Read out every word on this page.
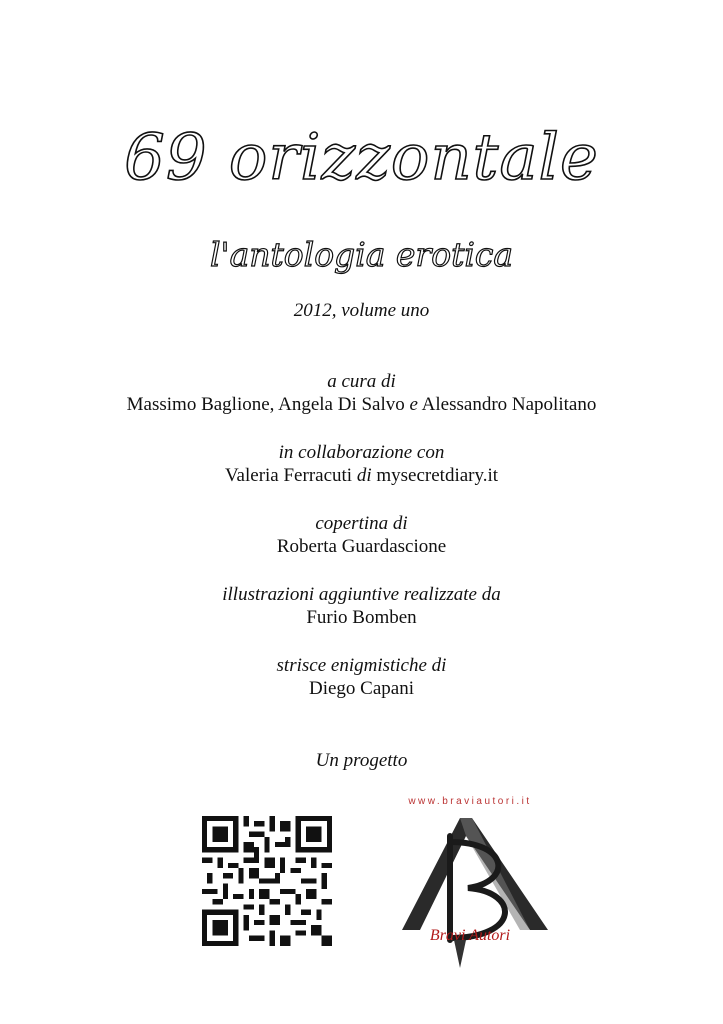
69 orizzontale
l'antologia erotica
2012, volume uno
a cura di
Massimo Baglione, Angela Di Salvo e Alessandro Napolitano
in collaborazione con
Valeria Ferracuti di mysecretdiary.it
copertina di
Roberta Guardascione
illustrazioni aggiuntive realizzate da
Furio Bomben
strisce enigmistiche di
Diego Capani
Un progetto
www.braviautori.it
Bravi Autori
